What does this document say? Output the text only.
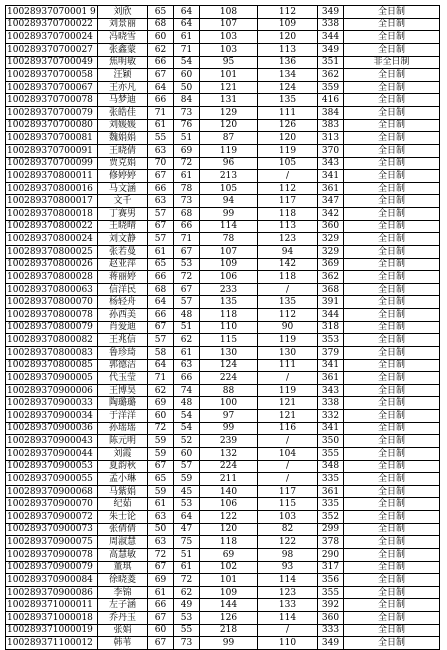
10028937070001 9	刘欣	65	64	108	112	349	全日制
100289370700022	刘景丽	68	64	107	109	338	全日制
100289370700024	冯晓雪	60	61	103	120	344	全日制
100289370700027	张鑫蒙	62	71	103	113	349	全日制
100289370700049	焦明敏	66	54	95	136	351	非全日制
100289370700058	汪颖	67	60	101	134	362	全日制
100289370700067	王亦凡	64	50	121	124	359	全日制
100289370700078	马梦迪	66	84	131	135	416	全日制
100289370700079	张皓佳	71	73	129	111	384	全日制
100289370700080	刘媛媛	61	76	120	126	383	全日制
100289370700081	魏娟娟	55	51	87	120	313	全日制
100289370700091	王晓倩	63	69	119	119	370	全日制
100289370700099	贾克娟	70	72	96	105	343	全日制
100289370800011	修婷婷	67	61	213	/	341	全日制
100289370800016	马文涵	66	78	105	112	361	全日制
100289370800017	文千	63	73	94	117	347	全日制
100289370800018	丁赛男	57	68	99	118	342	全日制
100289370800022	王晓晴	67	66	114	113	360	全日制
100289370800024	刘文静	57	71	78	123	329	全日制
100289370800025	张若曼	61	67	107	94	329	全日制
100289370800026	赵亚萍	65	53	109	142	369	全日制
100289370800028	蒋丽婷	66	72	106	118	362	全日制
100289370800063	信洋民	68	67	233	/	368	全日制
100289370800070	杨轻舟	64	57	135	135	391	全日制
100289370800078	孙西美	66	48	118	112	344	全日制
100289370800079	肖爱迪	67	51	110	90	318	全日制
100289370800082	王兆信	57	62	115	119	353	全日制
100289370800083	鲁珍琦	58	61	130	130	379	全日制
100289370800085	郭德洁	64	63	124	111	341	全日制
100289370900005	代玉莹	71	66	224	/	361	全日制
100289370900006	王博昊	62	74	88	119	343	全日制
100289370900033	陶璐璐	69	48	100	121	338	全日制
100289370900034	于洋洋	60	54	97	121	332	全日制
100289370900036	孙瑶瑶	72	54	99	116	341	全日制
100289370900043	陈元明	59	52	239	/	350	全日制
100289370900044	刘霞	59	60	132	104	355	全日制
100289370900053	夏韵秋	67	57	224	/	348	全日制
100289370900055	孟小琳	65	59	211	/	335	全日制
100289370900068	马紫娟	59	45	140	117	361	全日制
100289370900070	纪茹	61	53	106	115	335	全日制
100289370900072	朱士论	63	64	122	103	352	全日制
100289370900073	张倩倩	50	47	120	82	299	全日制
100289370900075	周淑慧	63	75	118	122	378	全日制
100289370900078	高慧敏	72	51	69	98	290	全日制
100289370900079	董琪	67	61	102	93	317	全日制
100289370900084	徐晓菱	69	72	101	114	356	全日制
100289370900086	李锦	61	62	109	123	355	全日制
100289371000011	左子涵	66	49	144	133	392	全日制
100289371000018	乔丹玉	67	53	126	114	360	全日制
100289371000019	张娟	60	55	218	/	333	全日制
100289371100012	韩苇	67	73	99	110	349	全日制
